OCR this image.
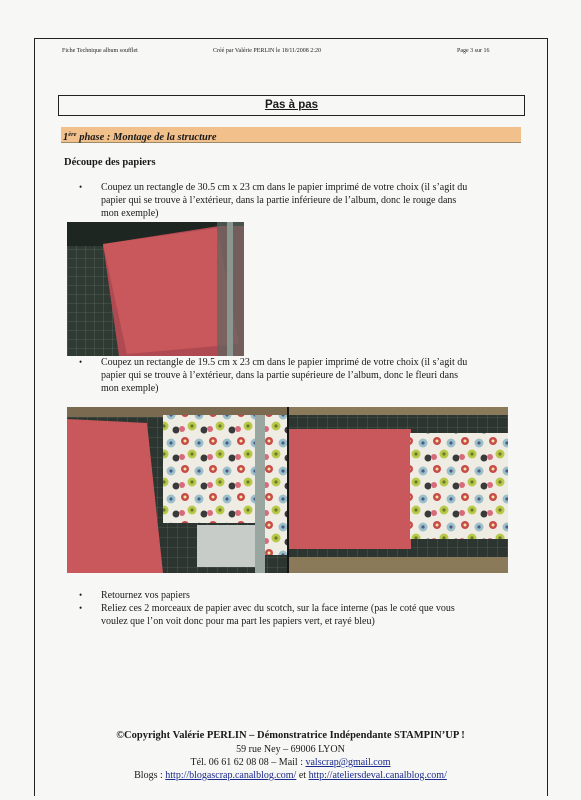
Fiche Technique album soufflet	Créé par Valérie PERLIN le 18/11/2008 2:20	Page 3 sur 16
Pas à pas
1ère phase : Montage de la structure
Découpe des papiers
• Coupez un rectangle de 30.5 cm x 23 cm dans le papier imprimé de votre choix (il s’agit du
papier qui se trouve à l’extérieur, dans la partie inférieure de l’album, donc le rouge dans
mon exemple)
• Coupez un rectangle de 19.5 cm x 23 cm dans le papier imprimé de votre choix (il s’agit du
papier qui se trouve à l’extérieur, dans la partie supérieure de l’album, donc le fleuri dans
mon exemple)
• Retournez vos papiers
• Reliez ces 2 morceaux de papier avec du scotch, sur la face interne (pas le coté que vous
voulez que l’on voit donc pour ma part les papiers vert, et rayé bleu)
©Copyright Valérie PERLIN – Démonstratrice Indépendante STAMPIN’UP !
59 rue Ney – 69006 LYON
Tél. 06 61 62 08 08 – Mail : valscrap@gmail.com
Blogs : http://blogascrap.canalblog.com/ et http://ateliersdeval.canalblog.com/
